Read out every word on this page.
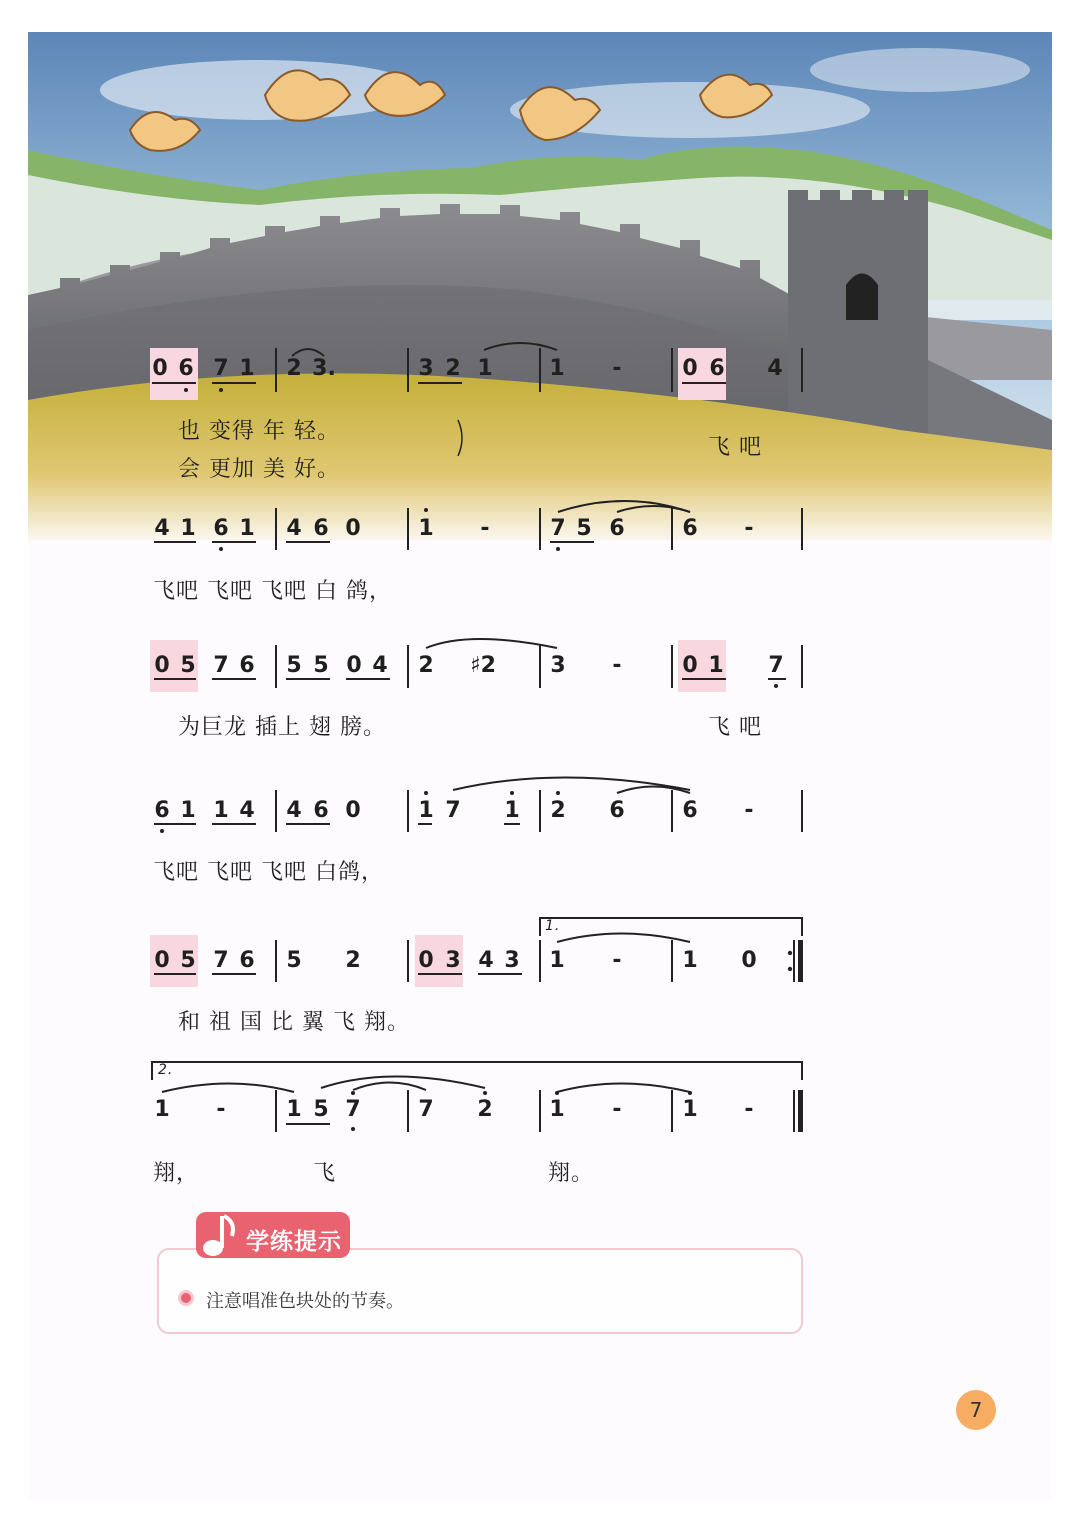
0 6 7 1 2 3.	3 2 1	1 -	0 6 4
也 变得 年 轻。
会 更加 美 好。
飞 吧
4 1 6 1 4 6 0	1 -	7 5 6	6 -
飞吧 飞吧 飞吧 白 鸽，
0 5 7 6 5 5 0 4 2 ♯2 3 -	0 1 7
为巨龙 插上 翅 膀。	飞 吧
6 1 1 4 4 6 0	1 7 1 2 6	6 -
飞吧 飞吧 飞吧 白鸽，
0 5 7 6 5 2	0 3 4 3 1 -	1 0
1.
和 祖 国 比 翼 飞 翔。
2.
1 -	1 5 7	7 2	1 -	1 -
翔，	飞	翔。
学练提示
注意唱准色块处的节奏。
7
